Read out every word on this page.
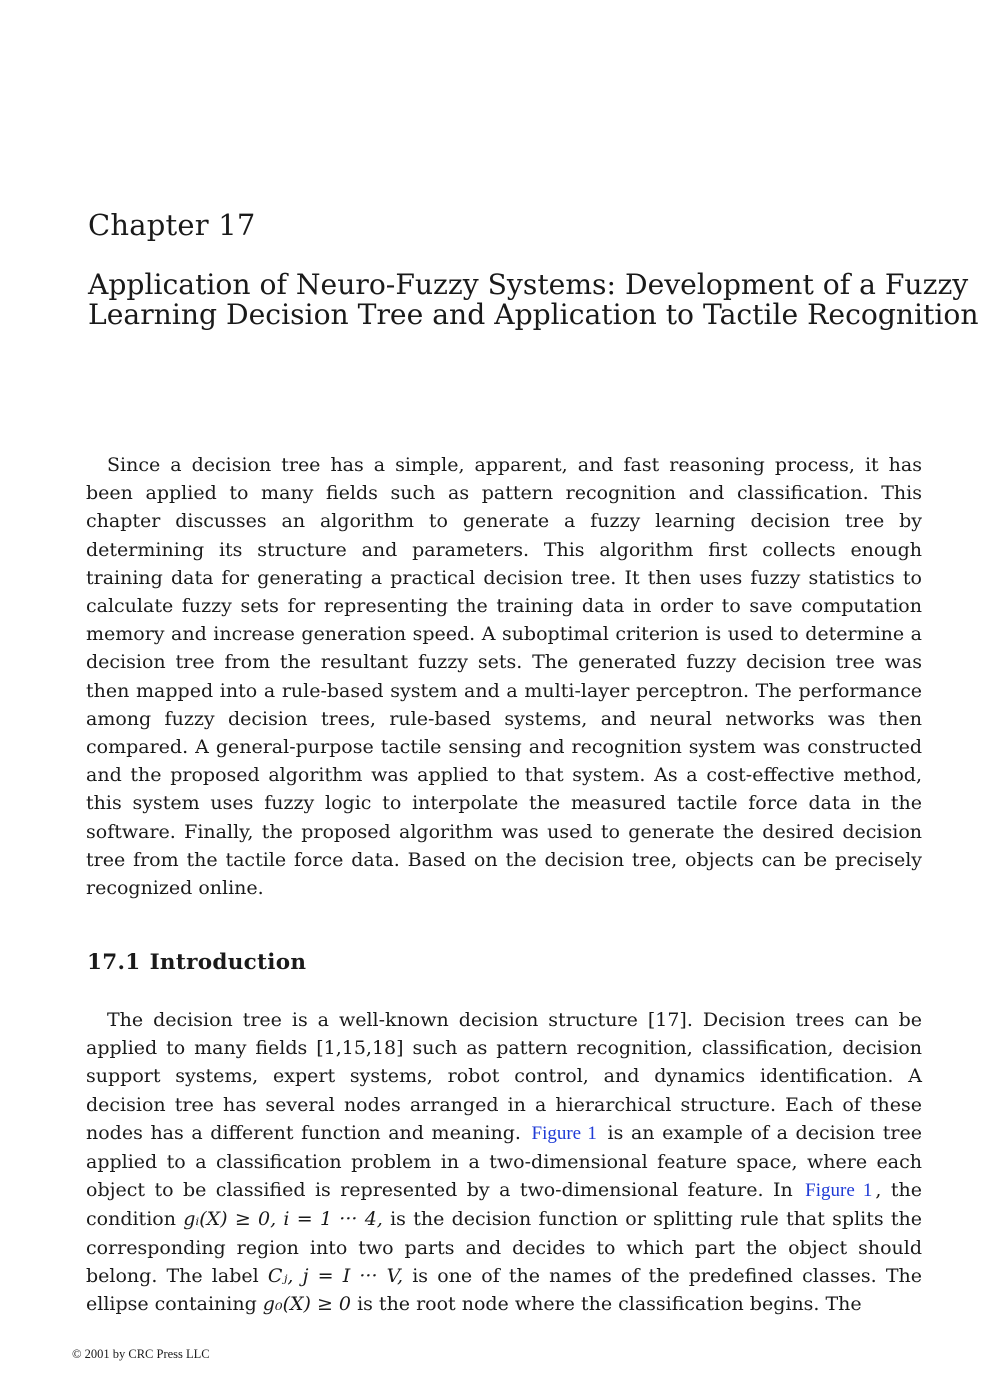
Chapter 17
Application of Neuro-Fuzzy Systems: Development of a Fuzzy
Learning Decision Tree and Application to Tactile Recognition

Since a decision tree has a simple, apparent, and fast reasoning process, it has been applied to many fields such as pattern recognition and classification. This chapter discusses an algorithm to generate a fuzzy learning decision tree by determining its structure and parameters. This algorithm first collects enough training data for generating a practical decision tree. It then uses fuzzy statistics to calculate fuzzy sets for representing the training data in order to save computation memory and increase generation speed. A suboptimal criterion is used to determine a decision tree from the resultant fuzzy sets. The generated fuzzy decision tree was then mapped into a rule-based system and a multi-layer perceptron. The performance among fuzzy decision trees, rule-based systems, and neural networks was then compared. A general-purpose tactile sensing and recognition system was constructed and the proposed algorithm was applied to that system. As a cost-effective method, this system uses fuzzy logic to interpolate the measured tactile force data in the software. Finally, the proposed algorithm was used to generate the desired decision tree from the tactile force data. Based on the decision tree, objects can be precisely recognized online.

17.1 Introduction

The decision tree is a well-known decision structure [17]. Decision trees can be applied to many fields [1,15,18] such as pattern recognition, classification, decision support systems, expert systems, robot control, and dynamics identification. A decision tree has several nodes arranged in a hierarchical structure. Each of these nodes has a different function and meaning. Figure 1 is an example of a decision tree applied to a classification problem in a two-dimensional feature space, where each object to be classified is represented by a two-dimensional feature. In Figure 1 , the condition gᵢ(X) ≥ 0, i = 1 ··· 4, is the decision function or splitting rule that splits the corresponding region into two parts and decides to which part the object should belong. The label Cⱼ, j = I ··· V, is one of the names of the predefined classes. The ellipse containing g₀(X) ≥ 0 is the root node where the classification begins. The

© 2001 by CRC Press LLC
